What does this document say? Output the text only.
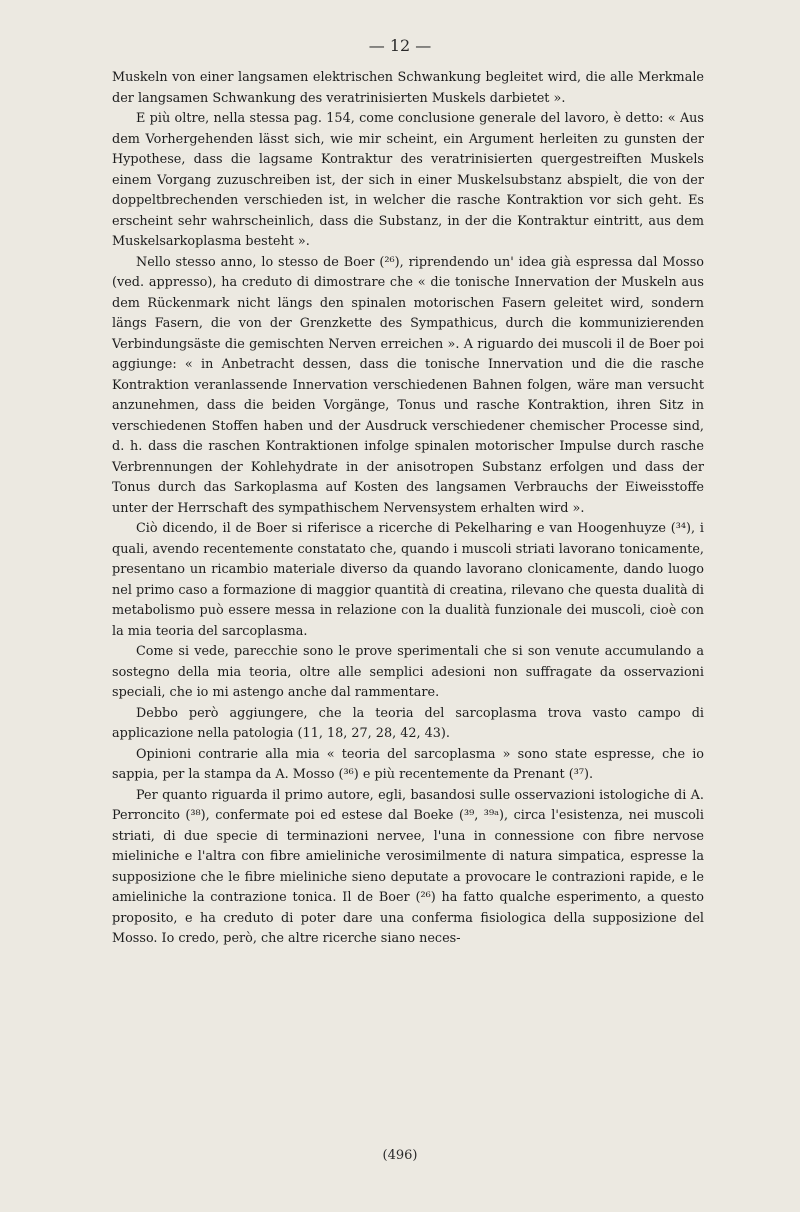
— 12 —

Muskeln von einer langsamen elektrischen Schwankung begleitet wird, die alle Merkmale der langsamen Schwankung des veratrinisierten Muskels darbietet ».

E più oltre, nella stessa pag. 154, come conclusione generale del lavoro, è detto: « Aus dem Vorhergehenden lässt sich, wie mir scheint, ein Argument herleiten zu gunsten der Hypothese, dass die lagsame Kontraktur des veratrinisierten quergestreiften Muskels einem Vorgang zuzuschreiben ist, der sich in einer Muskelsubstanz abspielt, die von der doppeltbrechenden verschieden ist, in welcher die rasche Kontraktion vor sich geht. Es erscheint sehr wahrscheinlich, dass die Substanz, in der die Kontraktur eintritt, aus dem Muskelsarkoplasma besteht ».

Nello stesso anno, lo stesso de Boer (²⁶), riprendendo un' idea già espressa dal Mosso (ved. appresso), ha creduto di dimostrare che « die tonische Innervation der Muskeln aus dem Rückenmark nicht längs den spinalen motorischen Fasern geleitet wird, sondern längs Fasern, die von der Grenzkette des Sympathicus, durch die kommunizierenden Verbindungsäste die gemischten Nerven erreichen ». A riguardo dei muscoli il de Boer poi aggiunge: « in Anbetracht dessen, dass die tonische Innervation und die die rasche Kontraktion veranlassende Innervation verschiedenen Bahnen folgen, wäre man versucht anzunehmen, dass die beiden Vorgänge, Tonus und rasche Kontraktion, ihren Sitz in verschiedenen Stoffen haben und der Ausdruck verschiedener chemischer Processe sind, d. h. dass die raschen Kontraktionen infolge spinalen motorischer Impulse durch rasche Verbrennungen der Kohlehydrate in der anisotropen Substanz erfolgen und dass der Tonus durch das Sarkoplasma auf Kosten des langsamen Verbrauchs der Eiweisstoffe unter der Herrschaft des sympathischem Nervensystem erhalten wird ».

Ciò dicendo, il de Boer si riferisce a ricerche di Pekelharing e van Hoogenhuyze (³⁴), i quali, avendo recentemente constatato che, quando i muscoli striati lavorano tonicamente, presentano un ricambio materiale diverso da quando lavorano clonicamente, dando luogo nel primo caso a formazione di maggior quantità di creatina, rilevano che questa dualità di metabolismo può essere messa in relazione con la dualità funzionale dei muscoli, cioè con la mia teoria del sarcoplasma.

Come si vede, parecchie sono le prove sperimentali che si son venute accumulando a sostegno della mia teoria, oltre alle semplici adesioni non suffragate da osservazioni speciali, che io mi astengo anche dal rammentare.

Debbo però aggiungere, che la teoria del sarcoplasma trova vasto campo di applicazione nella patologia (11, 18, 27, 28, 42, 43).

Opinioni contrarie alla mia « teoria del sarcoplasma » sono state espresse, che io sappia, per la stampa da A. Mosso (³⁶) e più recentemente da Prenant (³⁷).

Per quanto riguarda il primo autore, egli, basandosi sulle osservazioni istologiche di A. Perroncito (³⁸), confermate poi ed estese dal Boeke (³⁹, ³⁹ᵃ), circa l'esistenza, nei muscoli striati, di due specie di terminazioni nervee, l'una in connessione con fibre nervose mieliniche e l'altra con fibre amieliniche verosimilmente di natura simpatica, espresse la supposizione che le fibre mieliniche sieno deputate a provocare le contrazioni rapide, e le amieliniche la contrazione tonica. Il de Boer (²⁶) ha fatto qualche esperimento, a questo proposito, e ha creduto di poter dare una conferma fisiologica della supposizione del Mosso. Io credo, però, che altre ricerche siano neces-

(496)
